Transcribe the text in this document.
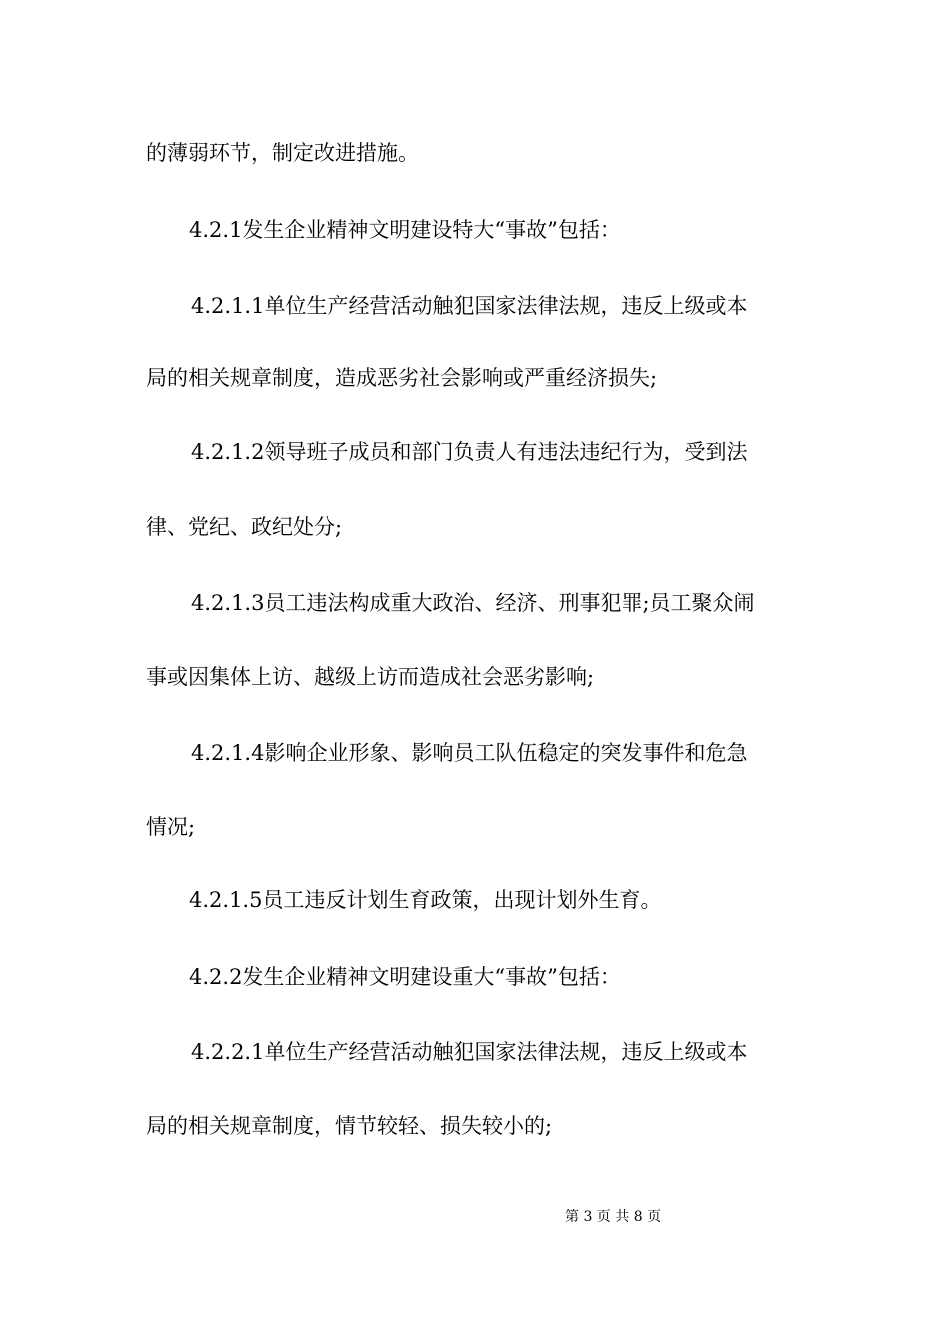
的薄弱环节，制定改进措施。
4.2.1发生企业精神文明建设特大“事故”包括：
4.2.1.1单位生产经营活动触犯国家法律法规，违反上级或本
局的相关规章制度，造成恶劣社会影响或严重经济损失;
4.2.1.2领导班子成员和部门负责人有违法违纪行为，受到法
律、党纪、政纪处分;
4.2.1.3员工违法构成重大政治、经济、刑事犯罪;员工聚众闹
事或因集体上访、越级上访而造成社会恶劣影响;
4.2.1.4影响企业形象、影响员工队伍稳定的突发事件和危急
情况;
4.2.1.5员工违反计划生育政策，出现计划外生育。
4.2.2发生企业精神文明建设重大“事故”包括：
4.2.2.1单位生产经营活动触犯国家法律法规，违反上级或本
局的相关规章制度，情节较轻、损失较小的;
第 3 页 共 8 页
